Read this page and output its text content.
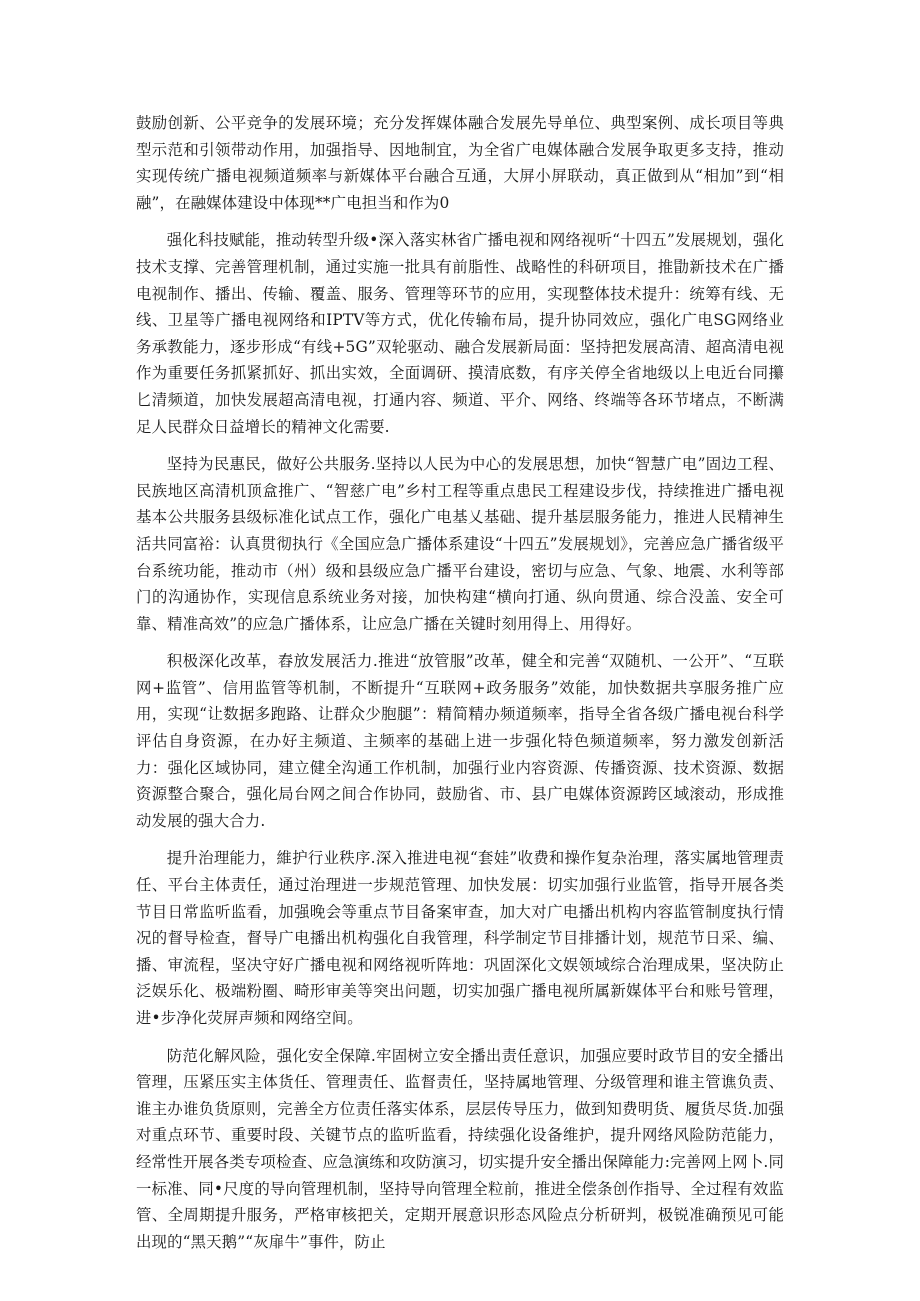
鼓励创新、公平竞争的发展环境；充分发挥媒体融合发展先导单位、典型案例、成长项目等典型示范和引领带动作用，加强指导、因地制宜，为全省广电媒体融合发展争取更多支持，推动实现传统广播电视频道频率与新媒体平台融合互通，大屏小屏联动，真正做到从“相加”到“相融”，在融媒体建设中体现**广电担当和作为0

强化科技赋能，推动转型升级•深入落实林省广播电视和网络视听“十四五”发展规划，强化技术支撑、完善管理机制，通过实施一批具有前脂性、战略性的科研项目，推勖新技术在广播电视制作、播出、传输、覆盖、服务、管理等环节的应用，实现整体技术提升：统筹有线、无线、卫星等广播电视网络和IPTV等方式，优化传输布局，提升协同效应，强化广电SG网络业务承教能力，逐步形成“有线+5G”双轮驱动、融合发展新局面：坚持把发展高清、超高清电视作为重要任务抓紧抓好、抓出实效，全面调研、摸清底数，有序关停全省地级以上电近台同攥匕清频道，加快发展超高清电视，打通内容、频道、平介、网络、终端等各环节堵点，不断满足人民群众日益增长的精神文化需要.

坚持为民惠民，做好公共服务.坚持以人民为中心的发展思想，加快“智慧广电”固边工程、民族地区高清机顶盒推广、“智慈广电”乡村工程等重点患民工程建设步伐，持续推进广播电视基本公共服务县级标准化试点工作，强化广电基乂基础、提升基层服务能力，推进人民精神生活共同富裕：认真贯彻执行《全国应急广播体系建设“十四五”发展规划》，完善应急广播省级平台系统功能，推动市（州）级和县级应急广播平台建设，密切与应急、气象、地震、水利等部门的沟通协作，实现信息系统业务对接，加快构建“横向打通、纵向贯通、综合没盖、安全可靠、精准高效”的应急广播体系，让应急广播在关键时刻用得上、用得好。

积极深化改革，舂放发展活力.推进“放管服”改革，健全和完善“双随机、一公开”、“互联网+监管”、信用监管等机制，不断提升“互联网+政务服务”效能，加快数据共享服务推广应用，实现“让数据多跑路、让群众少胞腿”：精简精办频道频率，指导全省各级广播电视台科学评估自身资源，在办好主频道、主频率的基础上进一步强化特色频道频率，努力激发创新活力：强化区域协同，建立健全沟通工作机制，加强行业内容资源、传播资源、技术资源、数据资源整合聚合，强化局台网之间合作协同，鼓励省、市、县广电媒体资源跨区域滚动，形成推动发展的强大合力.

提升治理能力，維护行业秩序.深入推进电视“套娃”收费和操作复杂治理，落实属地管理责任、平台主体责任，通过治理进一步规范管理、加快发展：切实加强行业监管，指导开展各类节目日常监听监看，加强晚会等重点节目备案审查，加大对广电播出机构内容监管制度执行情况的督导检查，督导广电播出机构强化自我管理，科学制定节目排播计划，规范节日采、编、播、审流程，坚决守好广播电视和网络视听阵地：巩固深化文娱领域综合治理成果，坚决防止泛娱乐化、极端粉圈、畸形审美等突出问题，切实加强广播电视所属新媒体平台和账号管理，进•步净化荧屏声频和网络空间。

防范化解风险，强化安全保障.牢固树立安全播出责任意识，加强应要时政节目的安全播出管理，压紧压实主体货任、管理责任、监督责任，坚持属地管理、分级管理和谁主管谯负责、谁主办谁负货原则，完善全方位责任落实体系，层层传导压力，做到知费明货、履货尽货.加强对重点环节、重要时段、关键节点的监听监看，持续强化设备维护，提升网络风险防范能力，经常性开展各类专项检查、应急演练和攻防演习，切实提升安全播出保障能力:完善网上网卜.同一标准、同•尺度的导向管理机制，坚持导向管理全粒前，推进全偿条创作指导、全过程有效监管、全周期提升服务，严格审核把关，定期开展意识形态风险点分析研判，极锐准确预见可能出现的“黑天鹅”“灰扉牛”事件，防止
